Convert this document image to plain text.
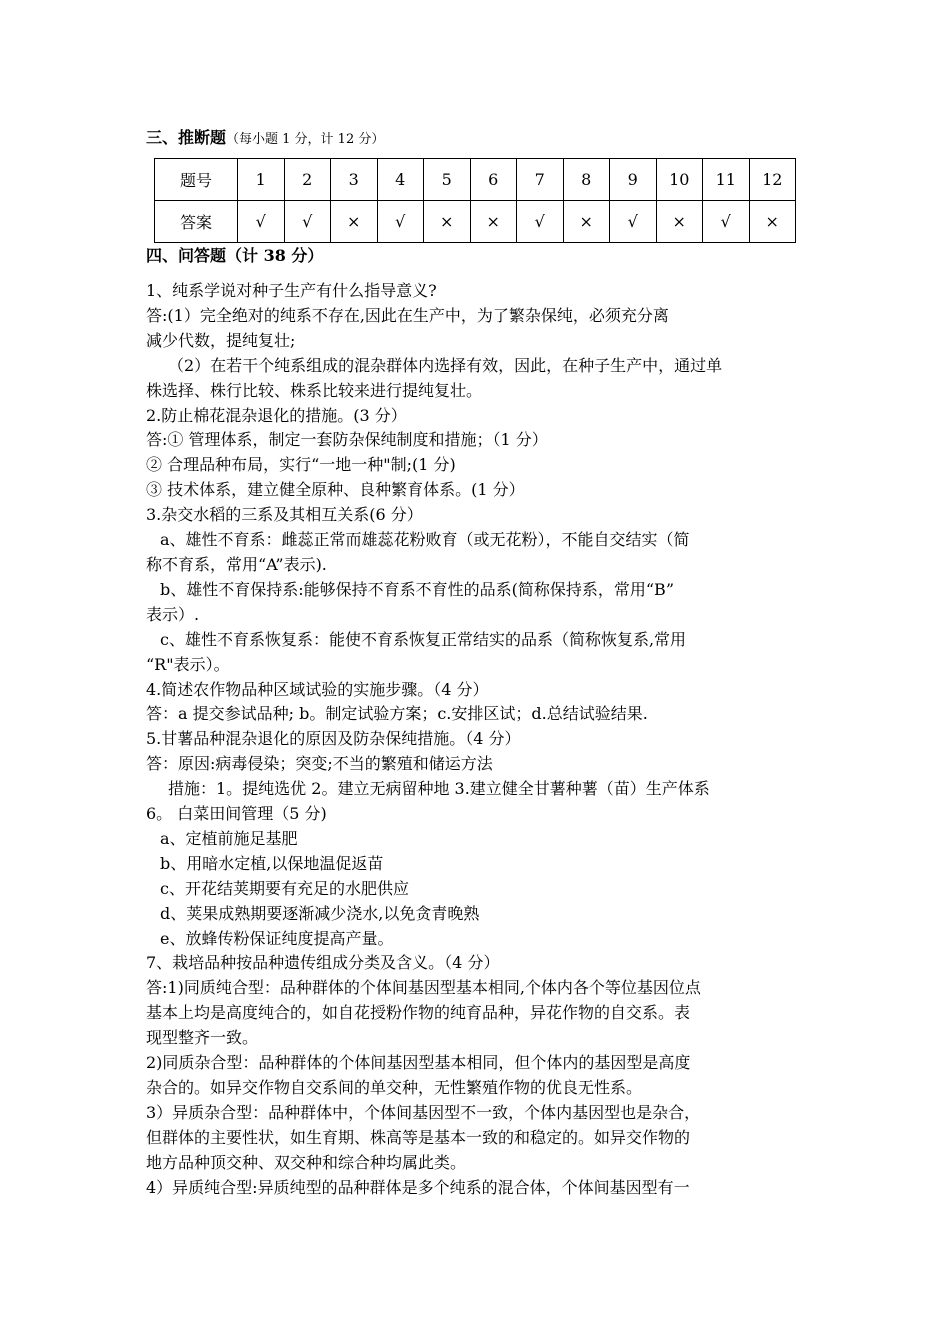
三、推断题（每小题 1 分，计 12 分）
题号	1	2	3	4	5	6	7	8	9	10	11	12
答案	√	√	×	√	×	×	√	×	√	×	√	×
四、问答题（计 38 分）

1、纯系学说对种子生产有什么指导意义?

答:(1）完全绝对的纯系不存在,因此在生产中，为了繁杂保纯，必须充分离

减少代数，提纯复壮;

（2）在若干个纯系组成的混杂群体内选择有效，因此，在种子生产中，通过单

株选择、株行比较、株系比较来进行提纯复壮。

2.防止棉花混杂退化的措施。(3 分）

答:① 管理体系，制定一套防杂保纯制度和措施；（1 分）

② 合理品种布局，实行“一地一种"制;(1 分)

③ 技术体系，建立健全原种、良种繁育体系。(1 分）

3.杂交水稻的三系及其相互关系(6 分）

a、雄性不育系：雌蕊正常而雄蕊花粉败育（或无花粉），不能自交结实（简

称不育系，常用“A”表示).

b、雄性不育保持系:能够保持不育系不育性的品系(简称保持系，常用“B”

表示）.

c、雄性不育系恢复系：能使不育系恢复正常结实的品系（简称恢复系,常用

“R"表示）。

4.简述农作物品种区域试验的实施步骤。（4 分）

答：a 提交参试品种; b。制定试验方案；c.安排区试；d.总结试验结果.

5.甘薯品种混杂退化的原因及防杂保纯措施。（4 分）

答：原因:病毒侵染；突变;不当的繁殖和储运方法

措施：1。提纯选优 2。建立无病留种地 3.建立健全甘薯种薯（苗）生产体系

6。 白菜田间管理（5 分)

a、定植前施足基肥

b、用暗水定植,以保地温促返苗

c、开花结荚期要有充足的水肥供应

d、荚果成熟期要逐渐减少浇水,以免贪青晚熟

e、放蜂传粉保证纯度提高产量。

7、栽培品种按品种遗传组成分类及含义。（4 分）

答:1)同质纯合型：品种群体的个体间基因型基本相同,个体内各个等位基因位点

基本上均是高度纯合的，如自花授粉作物的纯育品种，异花作物的自交系。表

现型整齐一致。

2)同质杂合型：品种群体的个体间基因型基本相同，但个体内的基因型是高度

杂合的。如异交作物自交系间的单交种，无性繁殖作物的优良无性系。

3）异质杂合型：品种群体中，个体间基因型不一致，个体内基因型也是杂合，

但群体的主要性状，如生育期、株高等是基本一致的和稳定的。如异交作物的

地方品种顶交种、双交种和综合种均属此类。

4）异质纯合型:异质纯型的品种群体是多个纯系的混合体，个体间基因型有一
